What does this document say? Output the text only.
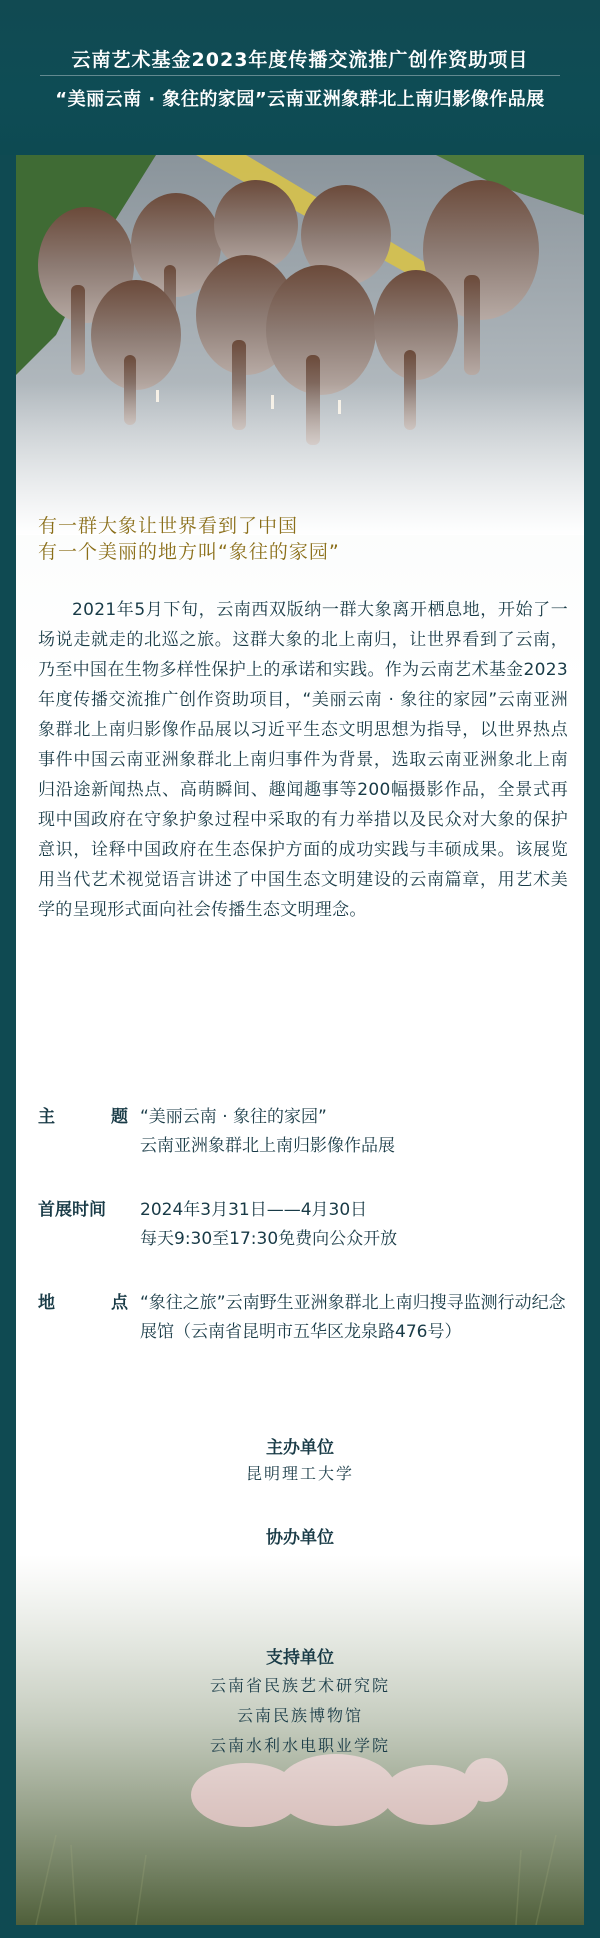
云南艺术基金2023年度传播交流推广创作资助项目
“美丽云南 · 象往的家园”云南亚洲象群北上南归影像作品展
有一群大象让世界看到了中国
有一个美丽的地方叫“象往的家园”
2021年5月下旬，云南西双版纳一群大象离开栖息地，开始了一场说走就走的北巡之旅。这群大象的北上南归，让世界看到了云南，乃至中国在生物多样性保护上的承诺和实践。作为云南艺术基金2023年度传播交流推广创作资助项目，“美丽云南 · 象往的家园”云南亚洲象群北上南归影像作品展以习近平生态文明思想为指导，以世界热点事件中国云南亚洲象群北上南归事件为背景，选取云南亚洲象北上南归沿途新闻热点、高萌瞬间、趣闻趣事等200幅摄影作品，全景式再现中国政府在守象护象过程中采取的有力举措以及民众对大象的保护意识，诠释中国政府在生态保护方面的成功实践与丰硕成果。该展览用当代艺术视觉语言讲述了中国生态文明建设的云南篇章，用艺术美学的呈现形式面向社会传播生态文明理念。
主	题 “美丽云南 · 象往的家园”
云南亚洲象群北上南归影像作品展
首展时间 2024年3月31日——4月30日
每天9:30至17:30免费向公众开放
地	点 “象往之旅”云南野生亚洲象群北上南归搜寻监测行动纪念展馆（云南省昆明市五华区龙泉路476号）
主办单位
昆明理工大学
协办单位
支持单位
云南省民族艺术研究院
云南民族博物馆
云南水利水电职业学院
